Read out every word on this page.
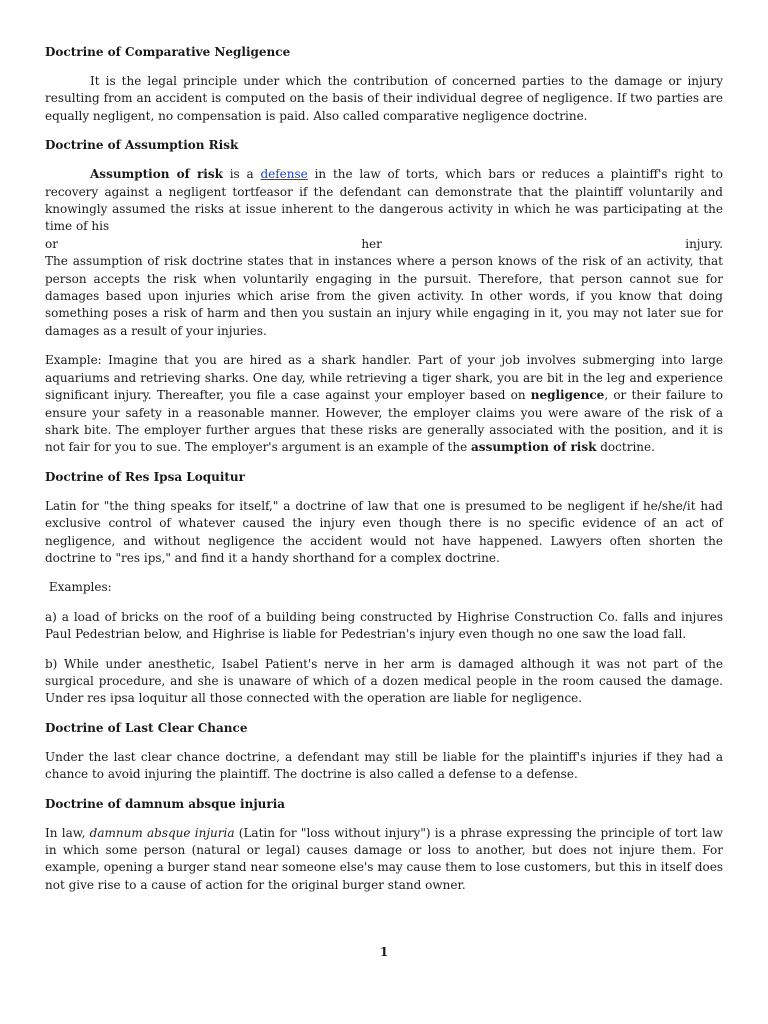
Doctrine of Comparative Negligence

It is the legal principle under which the contribution of concerned parties to the damage or injury resulting from an accident is computed on the basis of their individual degree of negligence. If two parties are equally negligent, no compensation is paid. Also called comparative negligence doctrine.

Doctrine of Assumption Risk

Assumption of risk is a defense in the law of torts, which bars or reduces a plaintiff's right to recovery against a negligent tortfeasor if the defendant can demonstrate that the plaintiff voluntarily and knowingly assumed the risks at issue inherent to the dangerous activity in which he was participating at the time of his

or	her	injury.

The assumption of risk doctrine states that in instances where a person knows of the risk of an activity, that person accepts the risk when voluntarily engaging in the pursuit. Therefore, that person cannot sue for damages based upon injuries which arise from the given activity. In other words, if you know that doing something poses a risk of harm and then you sustain an injury while engaging in it, you may not later sue for damages as a result of your injuries.

Example: Imagine that you are hired as a shark handler. Part of your job involves submerging into large aquariums and retrieving sharks. One day, while retrieving a tiger shark, you are bit in the leg and experience significant injury. Thereafter, you file a case against your employer based on negligence, or their failure to ensure your safety in a reasonable manner. However, the employer claims you were aware of the risk of a shark bite. The employer further argues that these risks are generally associated with the position, and it is not fair for you to sue. The employer's argument is an example of the assumption of risk doctrine.

Doctrine of Res Ipsa Loquitur

Latin for "the thing speaks for itself," a doctrine of law that one is presumed to be negligent if he/she/it had exclusive control of whatever caused the injury even though there is no specific evidence of an act of negligence, and without negligence the accident would not have happened. Lawyers often shorten the doctrine to "res ips," and find it a handy shorthand for a complex doctrine.

Examples:

a) a load of bricks on the roof of a building being constructed by Highrise Construction Co. falls and injures Paul Pedestrian below, and Highrise is liable for Pedestrian's injury even though no one saw the load fall.

b) While under anesthetic, Isabel Patient's nerve in her arm is damaged although it was not part of the surgical procedure, and she is unaware of which of a dozen medical people in the room caused the damage. Under res ipsa loquitur all those connected with the operation are liable for negligence.

Doctrine of Last Clear Chance

Under the last clear chance doctrine, a defendant may still be liable for the plaintiff's injuries if they had a chance to avoid injuring the plaintiff. The doctrine is also called a defense to a defense.

Doctrine of damnum absque injuria

In law, damnum absque injuria (Latin for "loss without injury") is a phrase expressing the principle of tort law in which some person (natural or legal) causes damage or loss to another, but does not injure them. For example, opening a burger stand near someone else's may cause them to lose customers, but this in itself does not give rise to a cause of action for the original burger stand owner.

1
